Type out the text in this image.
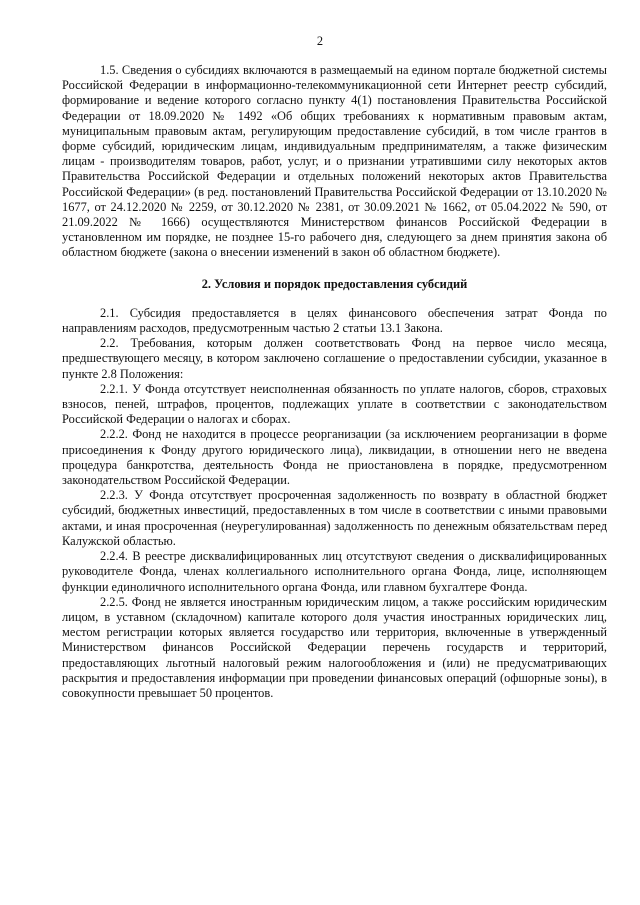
2

1.5. Сведения о субсидиях включаются в размещаемый на едином портале бюджетной системы Российской Федерации в информационно-телекоммуникационной сети Интернет реестр субсидий, формирование и ведение которого согласно пункту 4(1) постановления Правительства Российской Федерации от 18.09.2020 № 1492 «Об общих требованиях к нормативным правовым актам, муниципальным правовым актам, регулирующим предоставление субсидий, в том числе грантов в форме субсидий, юридическим лицам, индивидуальным предпринимателям, а также физическим лицам - производителям товаров, работ, услуг, и о признании утратившими силу некоторых актов Правительства Российской Федерации и отдельных положений некоторых актов Правительства Российской Федерации» (в ред. постановлений Правительства Российской Федерации от 13.10.2020 № 1677, от 24.12.2020 № 2259, от 30.12.2020 № 2381, от 30.09.2021 № 1662, от 05.04.2022 № 590, от 21.09.2022 № 1666) осуществляются Министерством финансов Российской Федерации в установленном им порядке, не позднее 15-го рабочего дня, следующего за днем принятия закона об областном бюджете (закона о внесении изменений в закон об областном бюджете).

2. Условия и порядок предоставления субсидий

2.1. Субсидия предоставляется в целях финансового обеспечения затрат Фонда по направлениям расходов, предусмотренным частью 2 статьи 13.1 Закона.

2.2. Требования, которым должен соответствовать Фонд на первое число месяца, предшествующего месяцу, в котором заключено соглашение о предоставлении субсидии, указанное в пункте 2.8 Положения:

2.2.1. У Фонда отсутствует неисполненная обязанность по уплате налогов, сборов, страховых взносов, пеней, штрафов, процентов, подлежащих уплате в соответствии с законодательством Российской Федерации о налогах и сборах.

2.2.2. Фонд не находится в процессе реорганизации (за исключением реорганизации в форме присоединения к Фонду другого юридического лица), ликвидации, в отношении него не введена процедура банкротства, деятельность Фонда не приостановлена в порядке, предусмотренном законодательством Российской Федерации.

2.2.3. У Фонда отсутствует просроченная задолженность по возврату в областной бюджет субсидий, бюджетных инвестиций, предоставленных в том числе в соответствии с иными правовыми актами, и иная просроченная (неурегулированная) задолженность по денежным обязательствам перед Калужской областью.

2.2.4. В реестре дисквалифицированных лиц отсутствуют сведения о дисквалифицированных руководителе Фонда, членах коллегиального исполнительного органа Фонда, лице, исполняющем функции единоличного исполнительного органа Фонда, или главном бухгалтере Фонда.

2.2.5. Фонд не является иностранным юридическим лицом, а также российским юридическим лицом, в уставном (складочном) капитале которого доля участия иностранных юридических лиц, местом регистрации которых является государство или территория, включенные в утвержденный Министерством финансов Российской Федерации перечень государств и территорий, предоставляющих льготный налоговый режим налогообложения и (или) не предусматривающих раскрытия и предоставления информации при проведении финансовых операций (офшорные зоны), в совокупности превышает 50 процентов.
